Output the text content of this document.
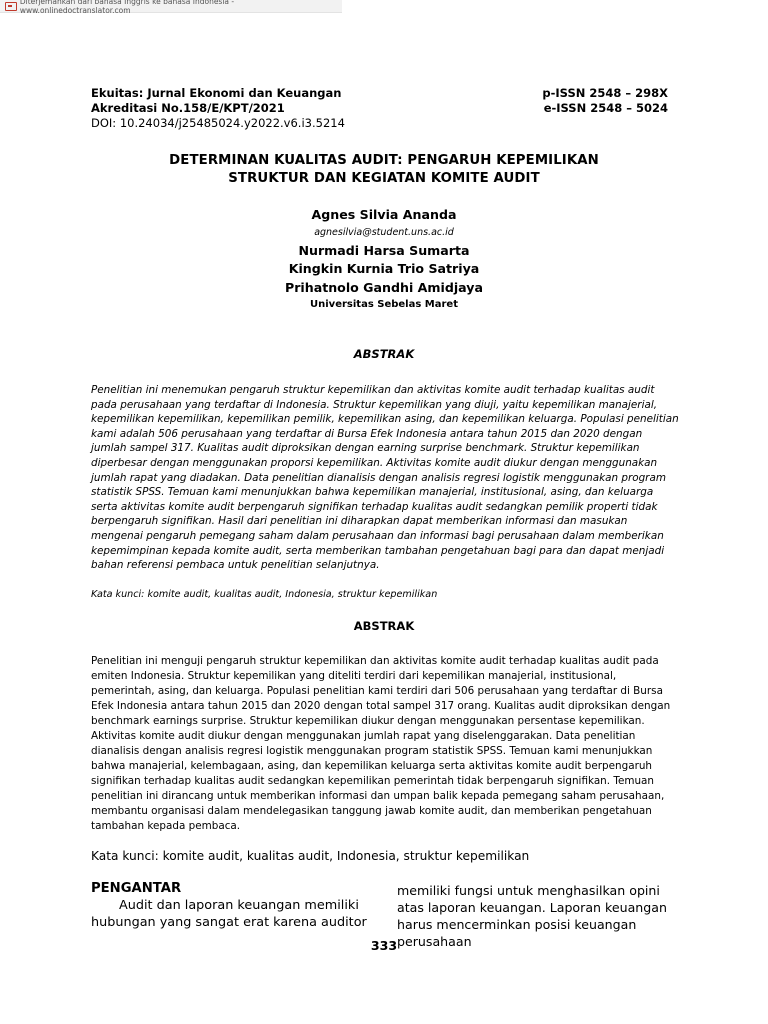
Diterjemahkan dari bahasa Inggris ke bahasa Indonesia - www.onlinedoctranslator.com
Ekuitas: Jurnal Ekonomi dan Keuangan	p-ISSN 2548 – 298X
Akreditasi No.158/E/KPT/2021	e-ISSN 2548 – 5024
DOI: 10.24034/j25485024.y2022.v6.i3.5214
DETERMINAN KUALITAS AUDIT: PENGARUH KEPEMILIKAN
STRUKTUR DAN KEGIATAN KOMITE AUDIT
Agnes Silvia Ananda
agnesilvia@student.uns.ac.id
Nurmadi Harsa Sumarta
Kingkin Kurnia Trio Satriya
Prihatnolo Gandhi Amidjaya
Universitas Sebelas Maret
ABSTRAK
Penelitian ini menemukan pengaruh struktur kepemilikan dan aktivitas komite audit terhadap kualitas audit pada perusahaan yang terdaftar di Indonesia. Struktur kepemilikan yang diuji, yaitu kepemilikan manajerial, kepemilikan kepemilikan, kepemilikan pemilik, kepemilikan asing, dan kepemilikan keluarga. Populasi penelitian kami adalah 506 perusahaan yang terdaftar di Bursa Efek Indonesia antara tahun 2015 dan 2020 dengan jumlah sampel 317. Kualitas audit diproksikan dengan earning surprise benchmark. Struktur kepemilikan diperbesar dengan menggunakan proporsi kepemilikan. Aktivitas komite audit diukur dengan menggunakan jumlah rapat yang diadakan. Data penelitian dianalisis dengan analisis regresi logistik menggunakan program statistik SPSS. Temuan kami menunjukkan bahwa kepemilikan manajerial, institusional, asing, dan keluarga serta aktivitas komite audit berpengaruh signifikan terhadap kualitas audit sedangkan pemilik properti tidak berpengaruh signifikan. Hasil dari penelitian ini diharapkan dapat memberikan informasi dan masukan mengenai pengaruh pemegang saham dalam perusahaan dan informasi bagi perusahaan dalam memberikan kepemimpinan kepada komite audit, serta memberikan tambahan pengetahuan bagi para dan dapat menjadi bahan referensi pembaca untuk penelitian selanjutnya.
Kata kunci: komite audit, kualitas audit, Indonesia, struktur kepemilikan
ABSTRAK
Penelitian ini menguji pengaruh struktur kepemilikan dan aktivitas komite audit terhadap kualitas audit pada emiten Indonesia. Struktur kepemilikan yang diteliti terdiri dari kepemilikan manajerial, institusional, pemerintah, asing, dan keluarga. Populasi penelitian kami terdiri dari 506 perusahaan yang terdaftar di Bursa Efek Indonesia antara tahun 2015 dan 2020 dengan total sampel 317 orang. Kualitas audit diproksikan dengan benchmark earnings surprise. Struktur kepemilikan diukur dengan menggunakan persentase kepemilikan. Aktivitas komite audit diukur dengan menggunakan jumlah rapat yang diselenggarakan. Data penelitian dianalisis dengan analisis regresi logistik menggunakan program statistik SPSS. Temuan kami menunjukkan bahwa manajerial, kelembagaan, asing, dan kepemilikan keluarga serta aktivitas komite audit berpengaruh signifikan terhadap kualitas audit sedangkan kepemilikan pemerintah tidak berpengaruh signifikan. Temuan penelitian ini dirancang untuk memberikan informasi dan umpan balik kepada pemegang saham perusahaan, membantu organisasi dalam mendelegasikan tanggung jawab komite audit, dan memberikan pengetahuan tambahan kepada pembaca.
Kata kunci: komite audit, kualitas audit, Indonesia, struktur kepemilikan
PENGANTAR
Audit dan laporan keuangan memiliki hubungan yang sangat erat karena auditor
memiliki fungsi untuk menghasilkan opini atas laporan keuangan. Laporan keuangan harus mencerminkan posisi keuangan perusahaan
333
